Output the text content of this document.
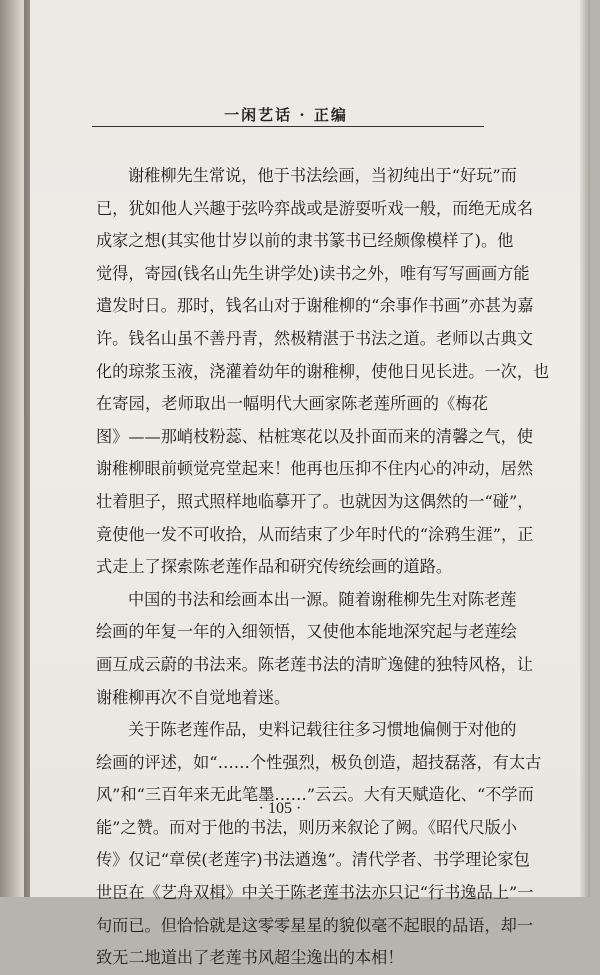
一闲艺话 · 正编
谢稚柳先生常说，他于书法绘画，当初纯出于“好玩”而
已，犹如他人兴趣于弦吟弈战或是游耍听戏一般，而绝无成名
成家之想(其实他廿岁以前的隶书篆书已经颇像模样了)。他
觉得，寄园(钱名山先生讲学处)读书之外，唯有写写画画方能
遣发时日。那时，钱名山对于谢稚柳的“余事作书画”亦甚为嘉
许。钱名山虽不善丹青，然极精湛于书法之道。老师以古典文
化的琼浆玉液，浇灌着幼年的谢稚柳，使他日见长进。一次，也
在寄园，老师取出一幅明代大画家陈老莲所画的《梅花
图》——那峭枝粉蕊、枯桩寒花以及扑面而来的清馨之气，使
谢稚柳眼前顿觉亮堂起来！他再也压抑不住内心的冲动，居然
壮着胆子，照式照样地临摹开了。也就因为这偶然的一“碰”，
竟使他一发不可收拾，从而结束了少年时代的“涂鸦生涯”，正
式走上了探索陈老莲作品和研究传统绘画的道路。
中国的书法和绘画本出一源。随着谢稚柳先生对陈老莲
绘画的年复一年的入细领悟，又使他本能地深究起与老莲绘
画互成云蔚的书法来。陈老莲书法的清旷逸健的独特风格，让
谢稚柳再次不自觉地着迷。
关于陈老莲作品，史料记载往往多习惯地偏侧于对他的
绘画的评述，如“……个性强烈，极负创造，超技磊落，有太古
风”和“三百年来无此笔墨……”云云。大有天赋造化、“不学而
能”之赞。而对于他的书法，则历来叙论了阙。《昭代尺版小
传》仅记“章侯(老莲字)书法遒逸”。清代学者、书学理论家包
世臣在《艺舟双楫》中关于陈老莲书法亦只记“行书逸品上”一
句而已。但恰恰就是这零零星星的貌似毫不起眼的品语，却一
致无二地道出了老莲书风超尘逸出的本相！
· 105 ·
